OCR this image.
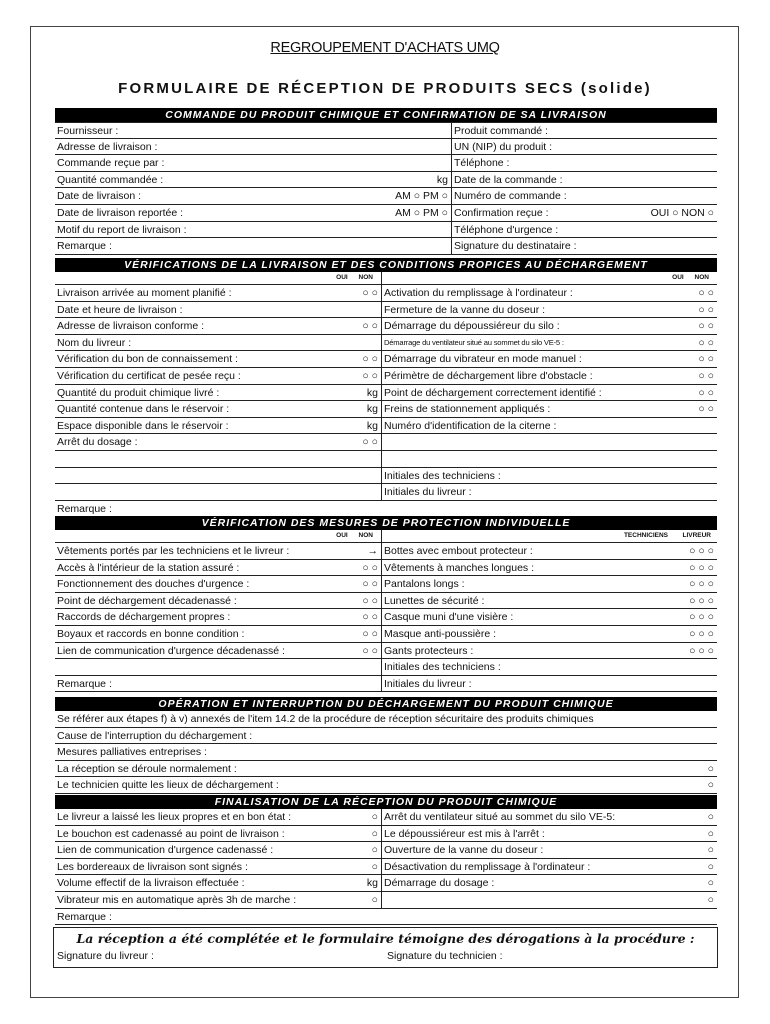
REGROUPEMENT D'ACHATS UMQ
FORMULAIRE DE RÉCEPTION DE PRODUITS SECS (solide)
COMMANDE DU PRODUIT CHIMIQUE ET CONFIRMATION DE SA LIVRAISON
Fournisseur :	Produit commandé :
Adresse de livraison :	UN (NIP) du produit :
Commande reçue par :	Téléphone :
Quantité commandée :	kg Date de la commande :
Date de livraison :	AM ○ PM ○ Numéro de commande :
Date de livraison reportée :	AM ○ PM ○ Confirmation reçue :	OUI ○ NON ○
Motif du report de livraison :	Téléphone d'urgence :
Remarque :	Signature du destinataire :
VÉRIFICATIONS DE LA LIVRAISON ET DES CONDITIONS PROPICES AU DÉCHARGEMENT
OUI NON	OUI NON
Livraison arrivée au moment planifié :	○ ○ Activation du remplissage à l'ordinateur :	○ ○
Date et heure de livraison :	Fermeture de la vanne du doseur :	○ ○
Adresse de livraison conforme :	○ ○ Démarrage du dépoussiéreur du silo :	○ ○
Nom du livreur :	Démarrage du ventilateur situé au sommet du silo VE-5 :	○ ○
Vérification du bon de connaissement :	○ ○ Démarrage du vibrateur en mode manuel :	○ ○
Vérification du certificat de pesée reçu :	○ ○ Périmètre de déchargement libre d'obstacle :	○ ○
Quantité du produit chimique livré :	kg Point de déchargement correctement identifié :	○ ○
Quantité contenue dans le réservoir :	kg Freins de stationnement appliqués :	○ ○
Espace disponible dans le réservoir :	kg Numéro d'identification de la citerne :
Arrêt du dosage :	○ ○
Initiales des techniciens :
Initiales du livreur :
Remarque :
VÉRIFICATION DES MESURES DE PROTECTION INDIVIDUELLE
OUI NON	TECHNICIENS LIVREUR
Vêtements portés par les techniciens et le livreur :	→ Bottes avec embout protecteur :	○ ○ ○
Accès à l'intérieur de la station assuré :	○ ○ Vêtements à manches longues :	○ ○ ○
Fonctionnement des douches d'urgence :	○ ○ Pantalons longs :	○ ○ ○
Point de déchargement décadenassé :	○ ○ Lunettes de sécurité :	○ ○ ○
Raccords de déchargement propres :	○ ○ Casque muni d'une visière :	○ ○ ○
Boyaux et raccords en bonne condition :	○ ○ Masque anti-poussière :	○ ○ ○
Lien de communication d'urgence décadenassé :	○ ○ Gants protecteurs :	○ ○ ○
Initiales des techniciens :
Remarque :	Initiales du livreur :
OPÉRATION ET INTERRUPTION DU DÉCHARGEMENT DU PRODUIT CHIMIQUE
Se référer aux étapes f) à v) annexés de l'item 14.2 de la procédure de réception sécuritaire des produits chimiques
Cause de l'interruption du déchargement :
Mesures palliatives entreprises :
La réception se déroule normalement :	○
Le technicien quitte les lieux de déchargement :	○
FINALISATION DE LA RÉCEPTION DU PRODUIT CHIMIQUE
Le livreur a laissé les lieux propres et en bon état :	○ Arrêt du ventilateur situé au sommet du silo VE-5:	○
Le bouchon est cadenassé au point de livraison :	○ Le dépoussiéreur est mis à l'arrêt :	○
Lien de communication d'urgence cadenassé :	○ Ouverture de la vanne du doseur :	○
Les bordereaux de livraison sont signés :	○ Désactivation du remplissage à l'ordinateur :	○
Volume effectif de la livraison effectuée :	kg Démarrage du dosage :	○
Vibrateur mis en automatique après 3h de marche :	○	○
Remarque :
La réception a été complétée et le formulaire témoigne des dérogations à la procédure :
Signature du livreur :	Signature du technicien :
